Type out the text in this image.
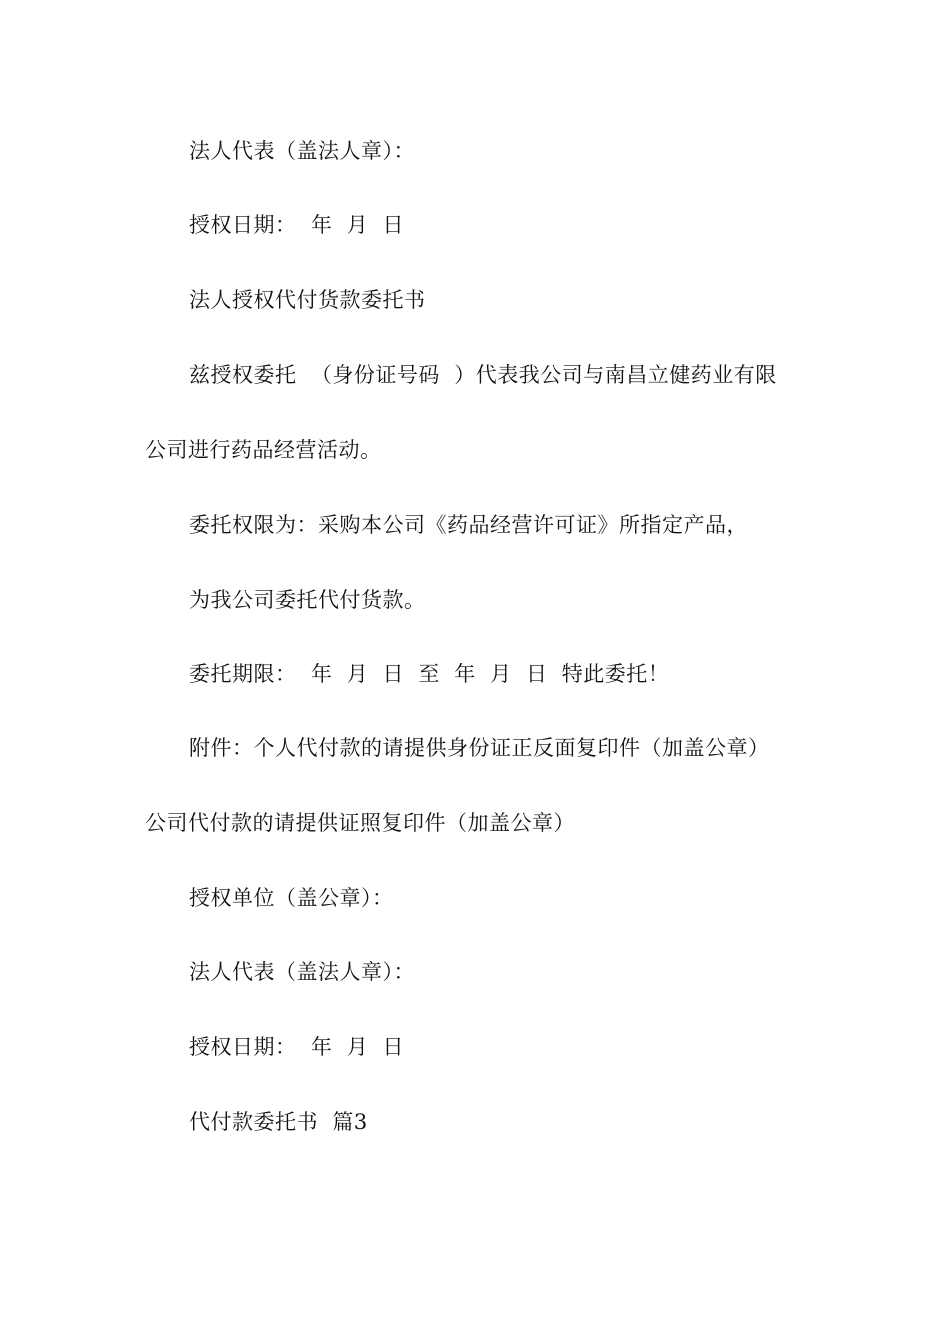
法人代表（盖法人章）：
授权日期：  年  月  日
法人授权代付货款委托书
兹授权委托  （身份证号码  ）代表我公司与南昌立健药业有限
公司进行药品经营活动。
委托权限为：采购本公司《药品经营许可证》所指定产品，
为我公司委托代付货款。
委托期限：  年  月  日  至  年  月  日  特此委托！
附件：个人代付款的请提供身份证正反面复印件（加盖公章）
公司代付款的请提供证照复印件（加盖公章）
授权单位（盖公章）：
法人代表（盖法人章）：
授权日期：  年  月  日
代付款委托书  篇3
